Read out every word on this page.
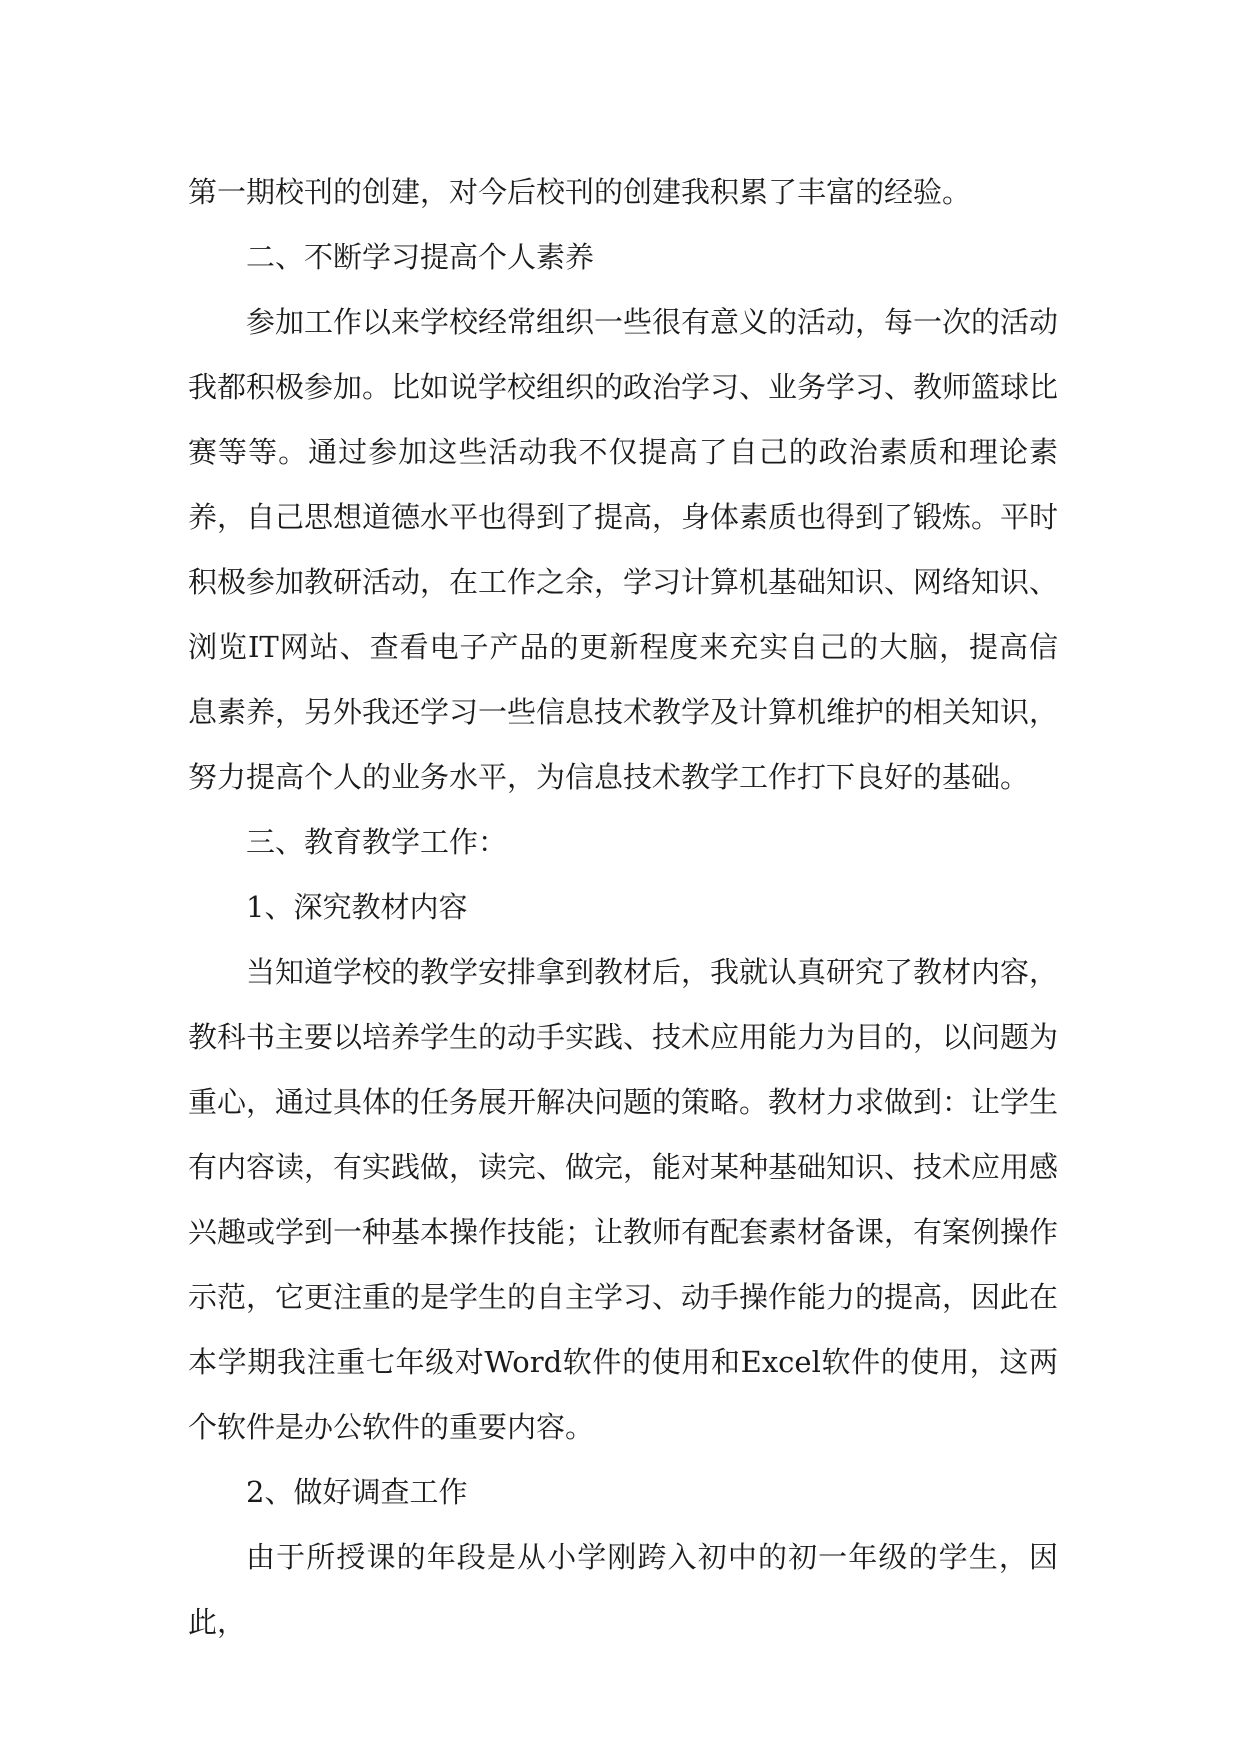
第一期校刊的创建，对今后校刊的创建我积累了丰富的经验。

二、不断学习提高个人素养

参加工作以来学校经常组织一些很有意义的活动，每一次的活动我都积极参加。比如说学校组织的政治学习、业务学习、教师篮球比赛等等。通过参加这些活动我不仅提高了自己的政治素质和理论素养，自己思想道德水平也得到了提高，身体素质也得到了锻炼。平时积极参加教研活动，在工作之余，学习计算机基础知识、网络知识、浏览IT网站、查看电子产品的更新程度来充实自己的大脑，提高信息素养，另外我还学习一些信息技术教学及计算机维护的相关知识，努力提高个人的业务水平，为信息技术教学工作打下良好的基础。

三、教育教学工作：

1、深究教材内容

当知道学校的教学安排拿到教材后，我就认真研究了教材内容，教科书主要以培养学生的动手实践、技术应用能力为目的，以问题为重心，通过具体的任务展开解决问题的策略。教材力求做到：让学生有内容读，有实践做，读完、做完，能对某种基础知识、技术应用感兴趣或学到一种基本操作技能；让教师有配套素材备课，有案例操作示范，它更注重的是学生的自主学习、动手操作能力的提高，因此在本学期我注重七年级对Word软件的使用和Excel软件的使用，这两个软件是办公软件的重要内容。

2、做好调查工作

由于所授课的年段是从小学刚跨入初中的初一年级的学生，因此，
